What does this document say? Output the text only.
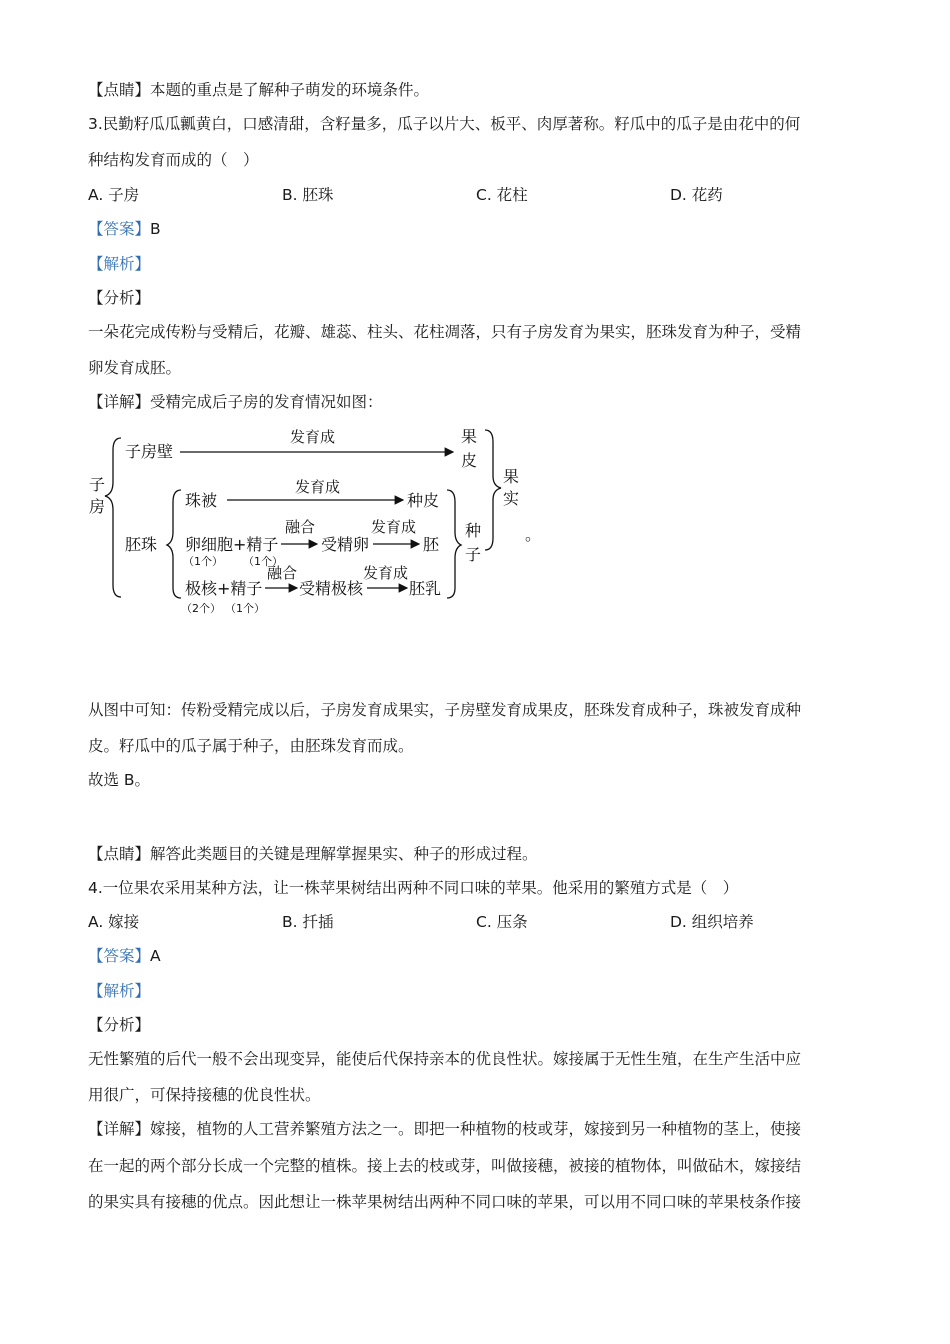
【点睛】本题的重点是了解种子萌发的环境条件。
3.民勤籽瓜瓜瓤黄白，口感清甜，含籽量多，瓜子以片大、板平、肉厚著称。籽瓜中的瓜子是由花中的何
种结构发育而成的（　）
A. 子房	B. 胚珠	C. 花柱	D. 花药
【答案】B
【解析】
【分析】
一朵花完成传粉与受精后，花瓣、雄蕊、柱头、花柱凋落，只有子房发育为果实，胚珠发育为种子，受精
卵发育成胚。
【详解】受精完成后子房的发育情况如图：
子
房
子房壁
发育成	果
皮
果
实
胚珠
珠被
发育成
种皮
卵细胞+精子
（1个） （1个）
融合
受精卵
发育成
胚
极核+精子
（2个） （1个）
融合
受精极核
发育成
胚乳
种
子
。
从图中可知：传粉受精完成以后，子房发育成果实，子房壁发育成果皮，胚珠发育成种子，珠被发育成种
皮。籽瓜中的瓜子属于种子，由胚珠发育而成。
故选 B。
【点睛】解答此类题目的关键是理解掌握果实、种子的形成过程。
4.一位果农采用某种方法，让一株苹果树结出两种不同口味的苹果。他采用的繁殖方式是（　）
A. 嫁接	B. 扦插	C. 压条	D. 组织培养
【答案】A
【解析】
【分析】
无性繁殖的后代一般不会出现变异，能使后代保持亲本的优良性状。嫁接属于无性生殖，在生产生活中应
用很广，可保持接穗的优良性状。
【详解】嫁接，植物的人工营养繁殖方法之一。即把一种植物的枝或芽，嫁接到另一种植物的茎上，使接
在一起的两个部分长成一个完整的植株。接上去的枝或芽，叫做接穗，被接的植物体，叫做砧木，嫁接结
的果实具有接穗的优点。因此想让一株苹果树结出两种不同口味的苹果，可以用不同口味的苹果枝条作接
